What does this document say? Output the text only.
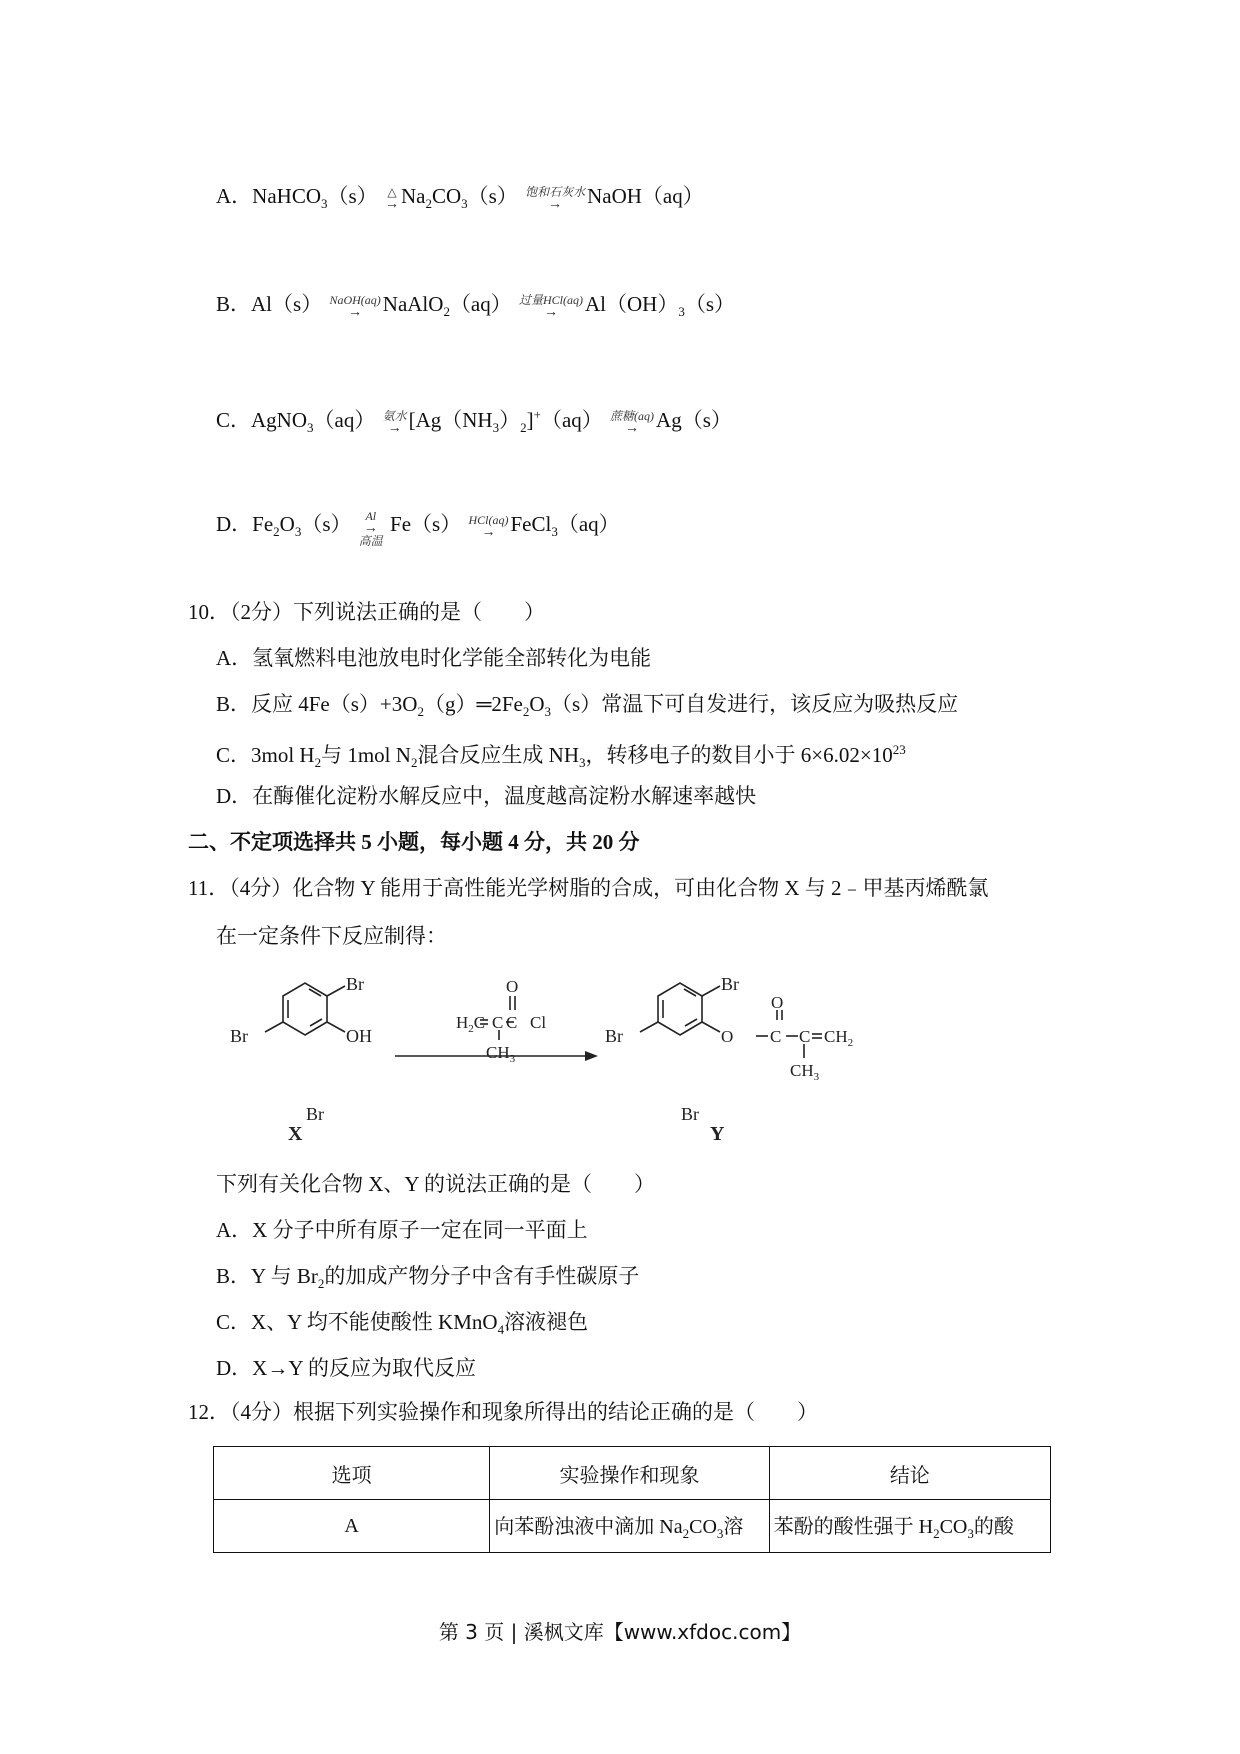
A．NaHCO$_3$（s） △
→ $Na_2CO_3(s)$ 饱和石灰水
→	NaOH（aq）
B．Al（s） NaOH(aq)
→ NaAlO$_2$（aq） 过量HCl(aq)
→	$Al(OH)_3(s)$
C．AgNO$_3$（aq） 氨水
→ $[Ag(NH_3)_2]^+(aq)$ 蔗糖(aq)
→ Ag（s）
D．$Fe_2O_3(s)$	Al
→
高温
Fe（s） HCl(aq)
→ FeCl$_3$（aq）
10．（2分）下列说法正确的是（　　）
A．氢氧燃料电池放电时化学能全部转化为电能
B．反应 $4Fe(s)+3O_2(g)═2Fe_2O_3(s)$常温下可自发进行，该反应为吸热反应
C．3mol $H_2$与 1mol $N_2$混合反应生成 $NH_3$，转移电子的数目小于 $6\times 6.02\times 10^{23}$
D．在酶催化淀粉水解反应中，温度越高淀粉水解速率越快
二、不定项选择共 5 小题，每小题 4 分，共 20 分
11．（4分）化合物 Y 能用于高性能光学树脂的合成，可由化合物 X 与 2﹣甲基丙烯酰氯
在一定条件下反应制得：
Br
OH
Br
Br
X
$H_2C$ C
O
C Cl
$CH_3$
Br
O
Br
Br
Y
O
C C $CH_2$
$CH_3$
下列有关化合物 X、Y 的说法正确的是（　　）
A．X 分子中所有原子一定在同一平面上
B．Y 与 $Br_2$的加成产物分子中含有手性碳原子
C．X、Y 均不能使酸性 KMnO$_4$溶液褪色
D．X→Y 的反应为取代反应
12．（4分）根据下列实验操作和现象所得出的结论正确的是（　　）
选项	实验操作和现象	结论
A	向苯酚浊液中滴加 $Na_2CO_3$溶	苯酚的酸性强于 $H_2CO_3$的酸
第 3 页 | 溪枫文库【www.xfdoc.com】
